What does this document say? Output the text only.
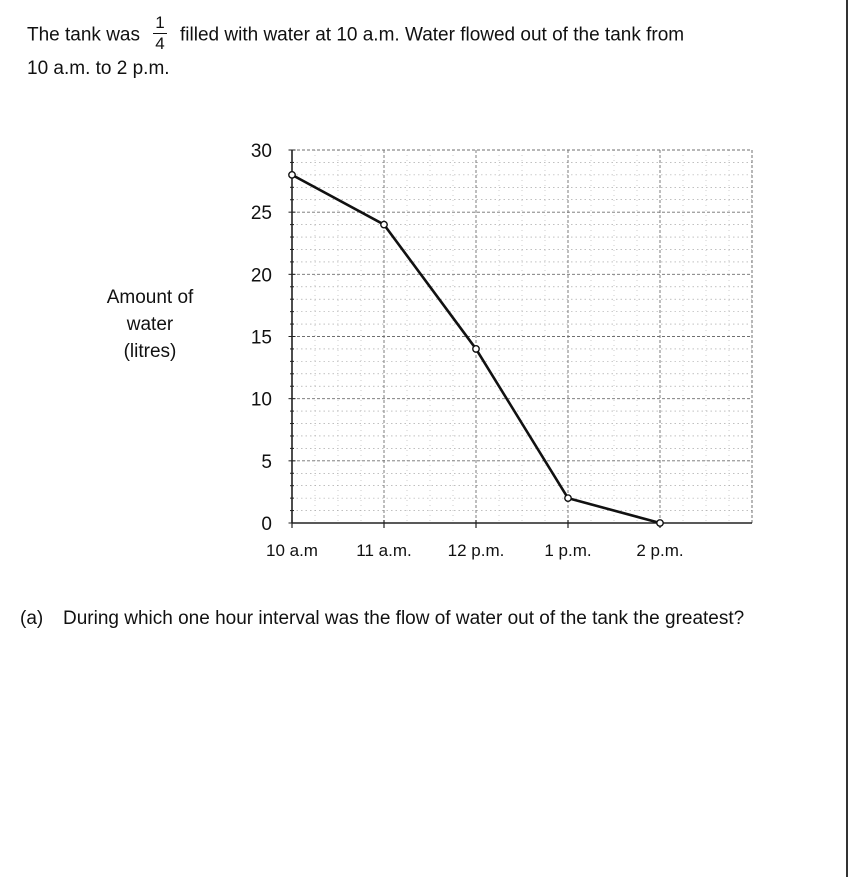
The tank was $\frac{1}{4}$ filled with water at 10 a.m. Water flowed out of the tank from
10 a.m. to 2 p.m.
Amount of
water
(litres)
0
5
10
15
20
25
30
10 a.m 11 a.m. 12 p.m. 1 p.m.	2 p.m.
(a) During which one hour interval was the flow of water out of the tank the greatest?
